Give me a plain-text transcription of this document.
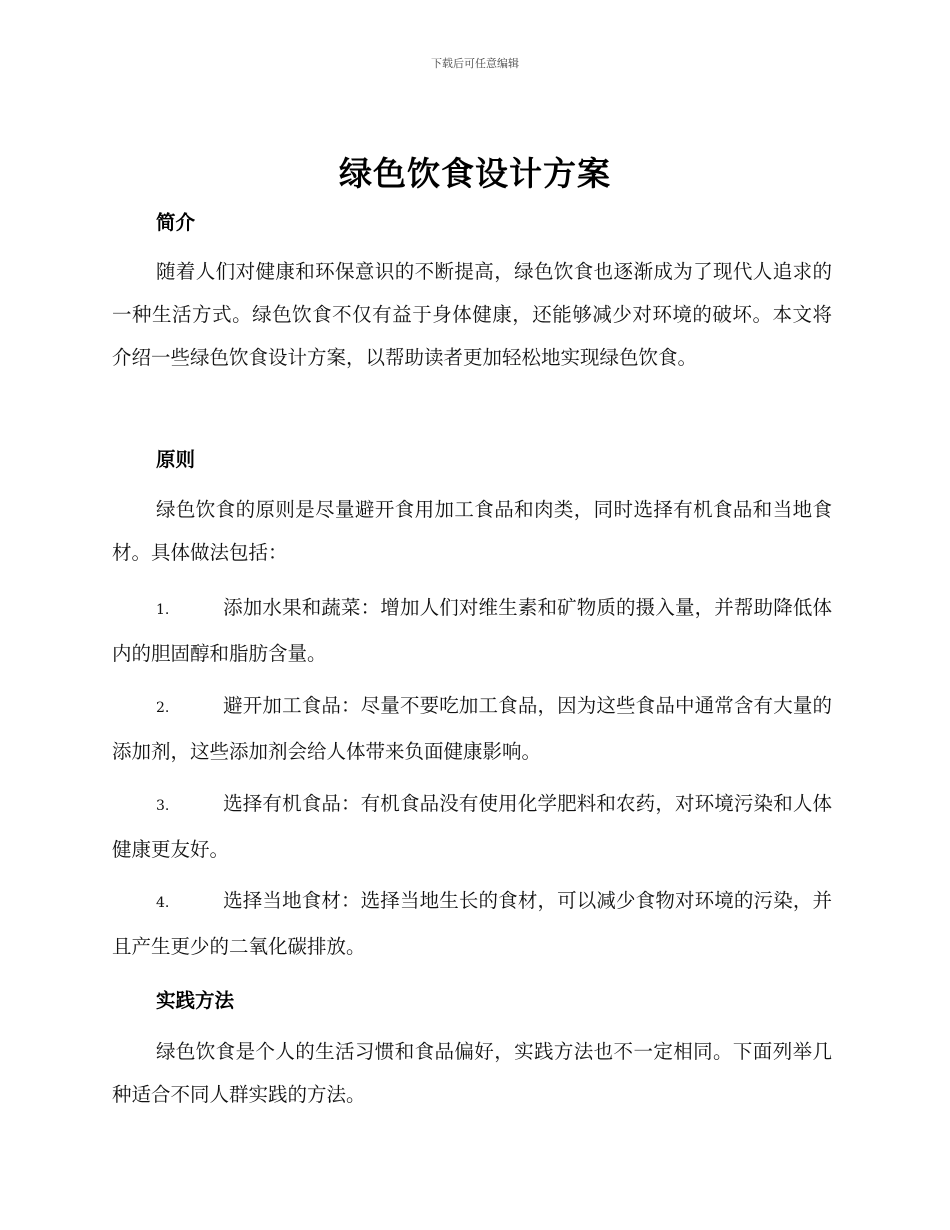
下载后可任意编辑
绿色饮食设计方案
简介
随着人们对健康和环保意识的不断提高，绿色饮食也逐渐成为了现代人追求的一种生活方式。绿色饮食不仅有益于身体健康，还能够减少对环境的破坏。本文将介绍一些绿色饮食设计方案，以帮助读者更加轻松地实现绿色饮食。
原则
绿色饮食的原则是尽量避开食用加工食品和肉类，同时选择有机食品和当地食材。具体做法包括：
1.	添加水果和蔬菜：增加人们对维生素和矿物质的摄入量，并帮助降低体内的胆固醇和脂肪含量。
2.	避开加工食品：尽量不要吃加工食品，因为这些食品中通常含有大量的添加剂，这些添加剂会给人体带来负面健康影响。
3.	选择有机食品：有机食品没有使用化学肥料和农药，对环境污染和人体健康更友好。
4.	选择当地食材：选择当地生长的食材，可以减少食物对环境的污染，并且产生更少的二氧化碳排放。
实践方法
绿色饮食是个人的生活习惯和食品偏好，实践方法也不一定相同。下面列举几种适合不同人群实践的方法。
